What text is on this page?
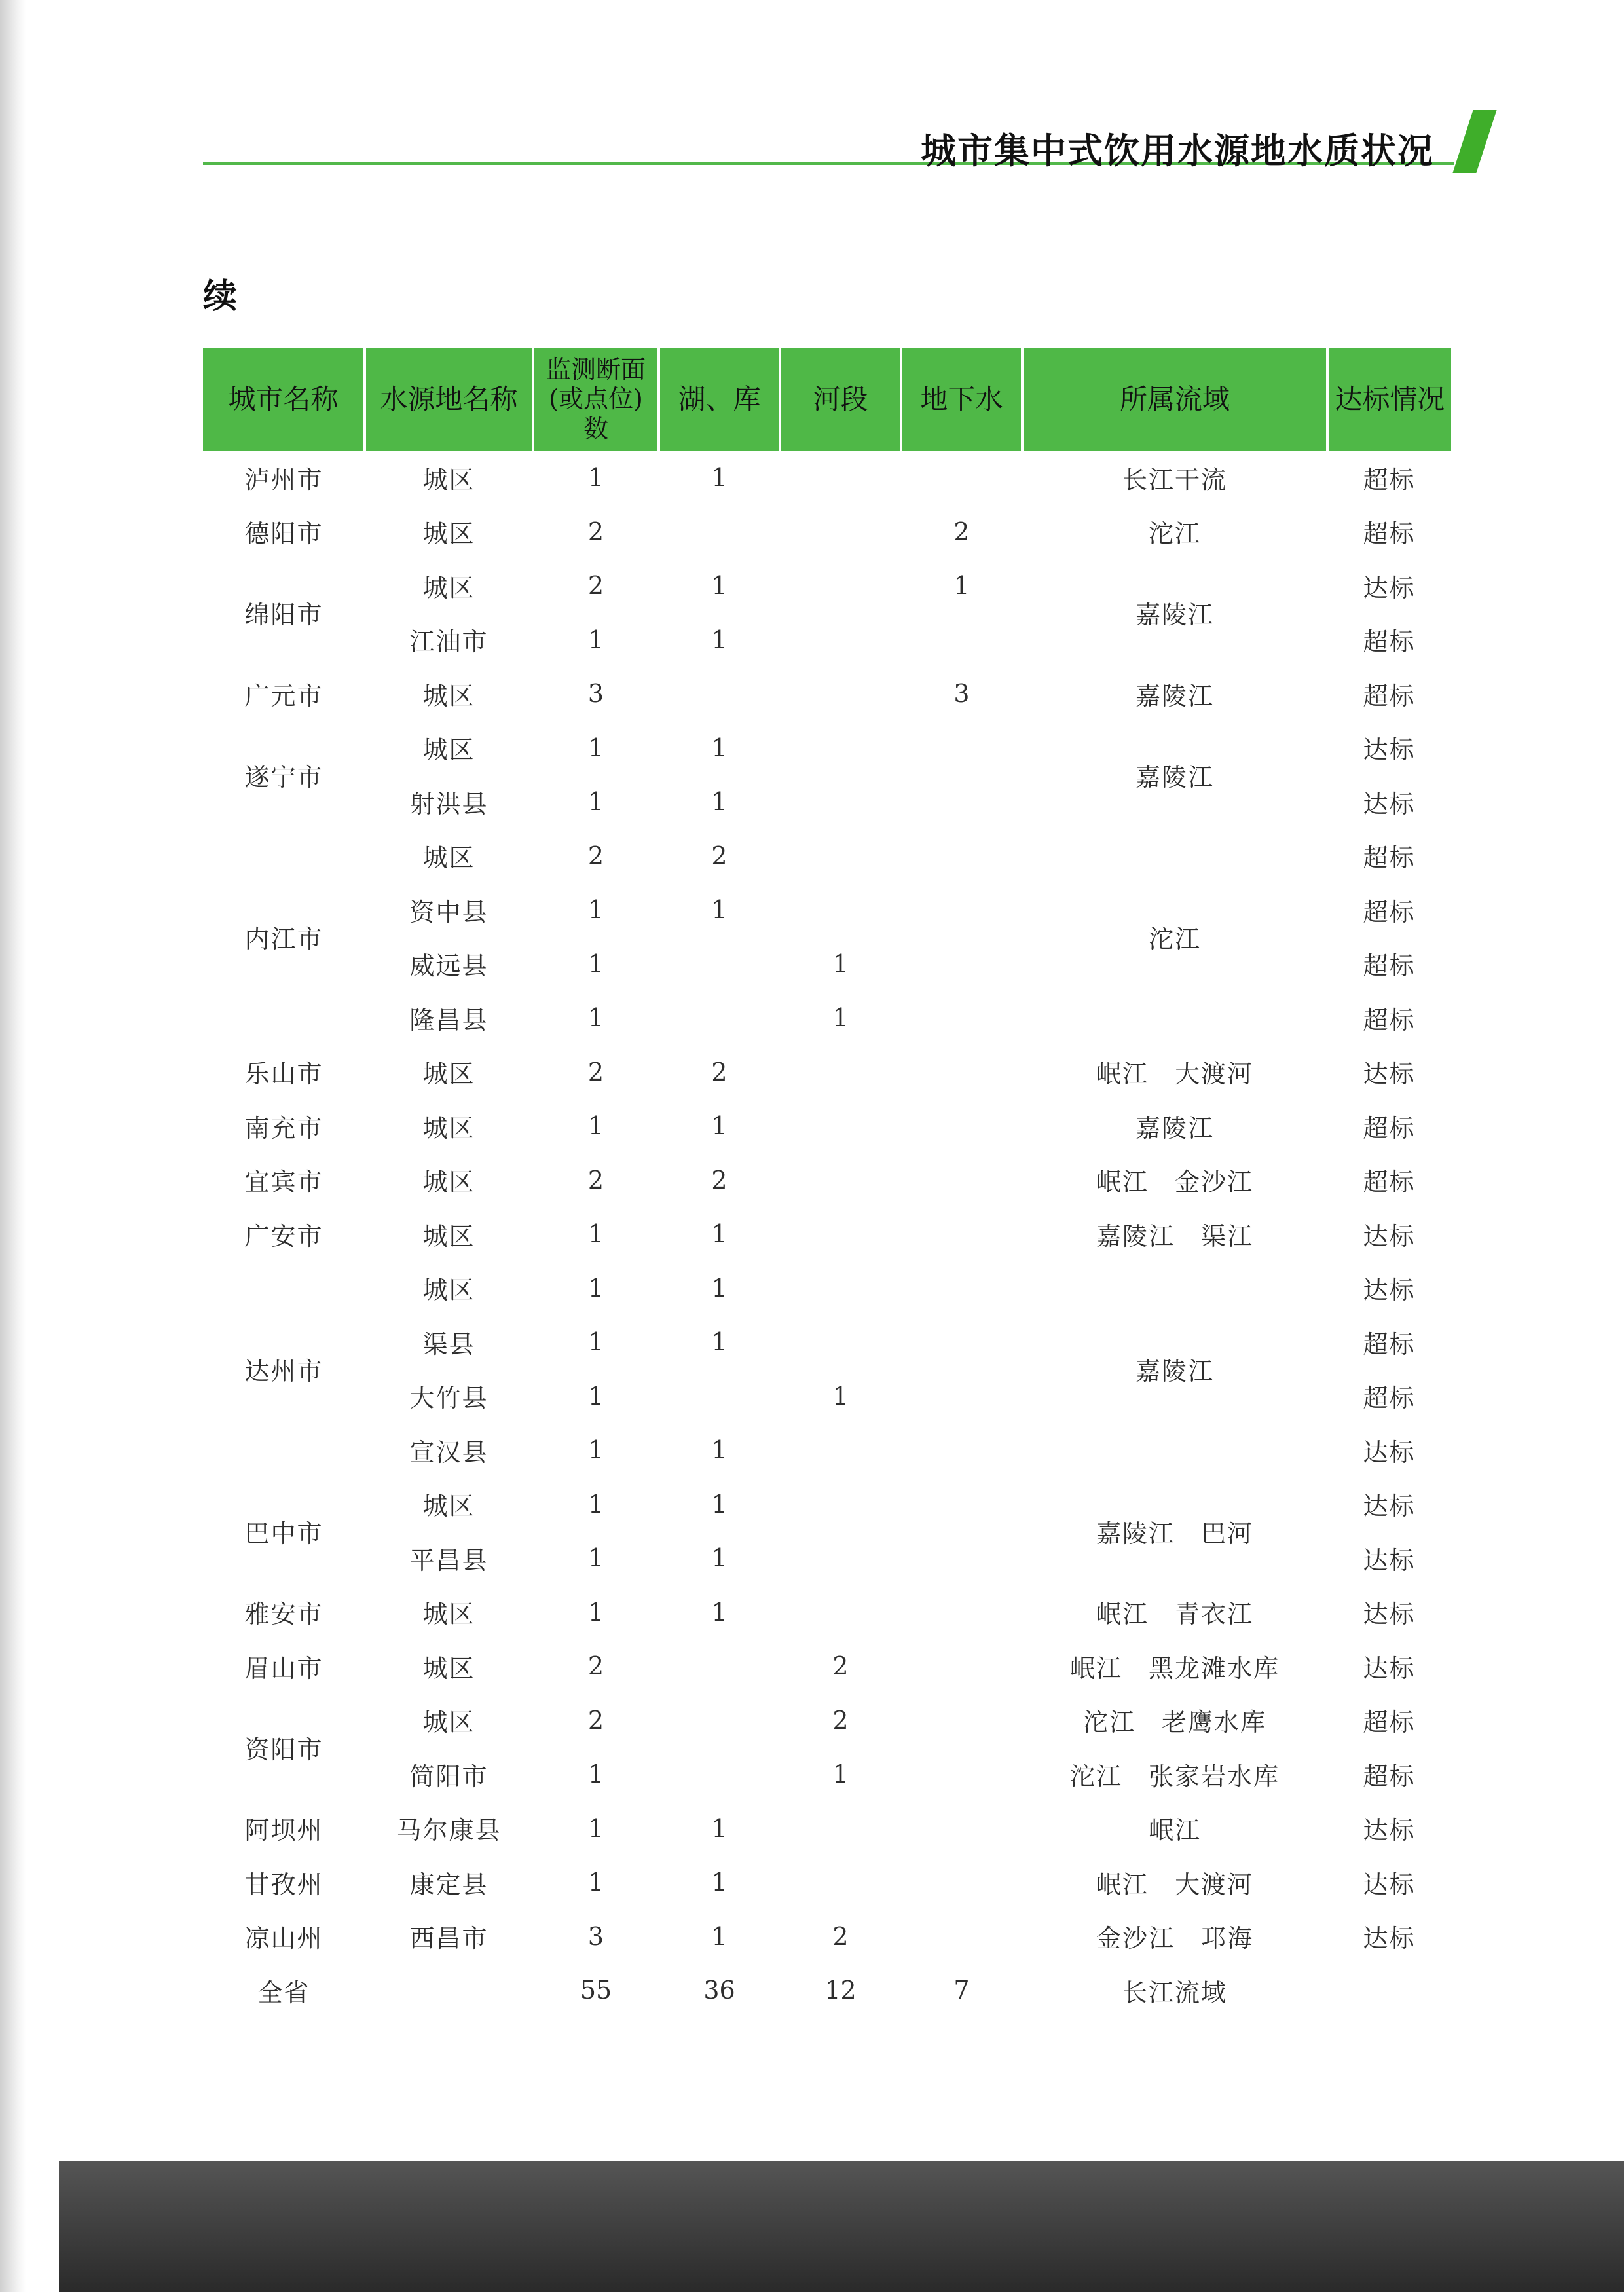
城市集中式饮用水源地水质状况
续
城市名称	水源地名称	监测断面(或点位)数	湖、库	河段	地下水	所属流域	达标情况
泸州市	城区	1	1			长江干流	超标
德阳市	城区	2			2	沱江	超标
绵阳市	城区	2	1		1	嘉陵江	达标
	江油市	1	1				超标
广元市	城区	3			3	嘉陵江	超标
遂宁市	城区	1	1			嘉陵江	达标
	射洪县	1	1				达标
内江市	城区	2	2			沱江	超标
	资中县	1	1				超标
	威远县	1		1			超标
	隆昌县	1		1			超标
乐山市	城区	2	2			岷江　大渡河	达标
南充市	城区	1	1			嘉陵江	超标
宜宾市	城区	2	2			岷江　金沙江	超标
广安市	城区	1	1			嘉陵江　渠江	达标
达州市	城区	1	1			嘉陵江	达标
	渠县	1	1				超标
	大竹县	1		1			超标
	宣汉县	1	1				达标
巴中市	城区	1	1			嘉陵江　巴河	达标
	平昌县	1	1				达标
雅安市	城区	1	1			岷江　青衣江	达标
眉山市	城区	2		2		岷江　黑龙滩水库	达标
资阳市	城区	2		2		沱江　老鹰水库	超标
	简阳市	1		1		沱江　张家岩水库	超标
阿坝州	马尔康县	1	1			岷江	达标
甘孜州	康定县	1	1			岷江　大渡河	达标
凉山州	西昌市	3	1	2		金沙江　邛海	达标
全省		55	36	12	7	长江流域	
